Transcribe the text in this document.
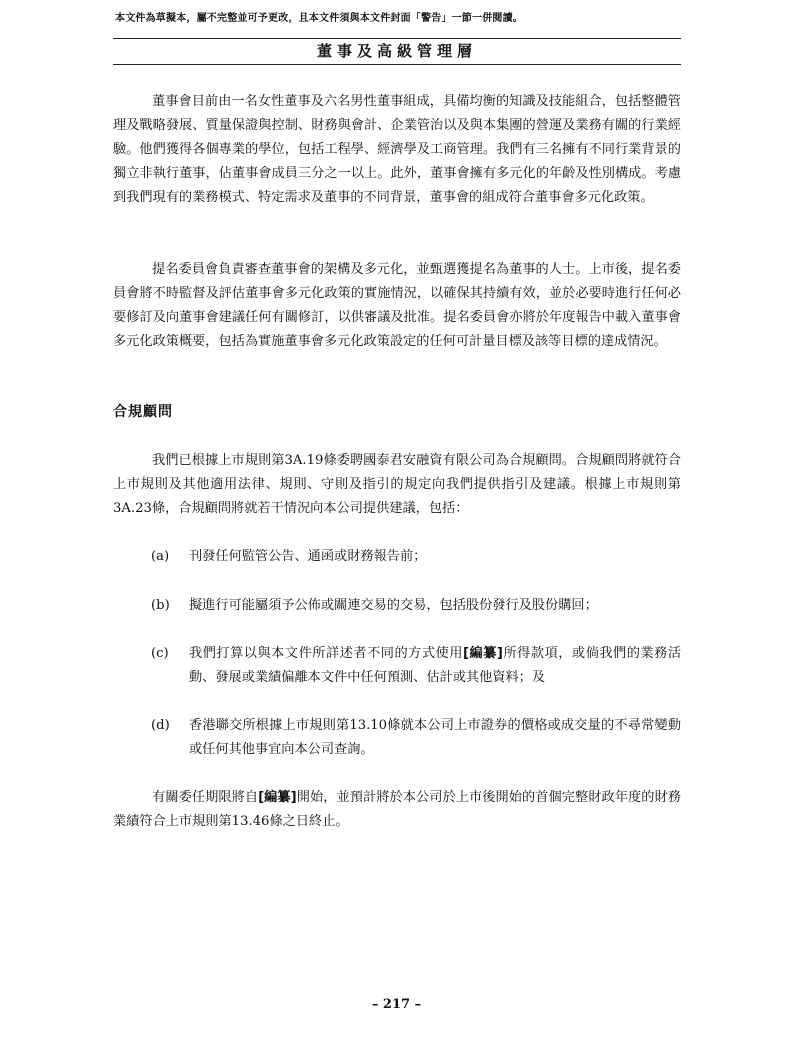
本文件為草擬本，屬不完整並可予更改，且本文件須與本文件封面「警告」一節一併閱讀。
董事及高級管理層
董事會目前由一名女性董事及六名男性董事組成，具備均衡的知識及技能組合，包括整體管理及戰略發展、質量保證與控制、財務與會計、企業管治以及與本集團的營運及業務有關的行業經驗。他們獲得各個專業的學位，包括工程學、經濟學及工商管理。我們有三名擁有不同行業背景的獨立非執行董事，佔董事會成員三分之一以上。此外，董事會擁有多元化的年齡及性別構成。考慮到我們現有的業務模式、特定需求及董事的不同背景，董事會的組成符合董事會多元化政策。
提名委員會負責審查董事會的架構及多元化，並甄選獲提名為董事的人士。上市後，提名委員會將不時監督及評估董事會多元化政策的實施情況，以確保其持續有效，並於必要時進行任何必要修訂及向董事會建議任何有關修訂，以供審議及批准。提名委員會亦將於年度報告中載入董事會多元化政策概要，包括為實施董事會多元化政策設定的任何可計量目標及該等目標的達成情況。
合規顧問
我們已根據上市規則第3A.19條委聘國泰君安融資有限公司為合規顧問。合規顧問將就符合上市規則及其他適用法律、規則、守則及指引的規定向我們提供指引及建議。根據上市規則第3A.23條，合規顧問將就若干情況向本公司提供建議，包括：
(a) 刊發任何監管公告、通函或財務報告前；
(b) 擬進行可能屬須予公佈或關連交易的交易，包括股份發行及股份購回；
(c) 我們打算以與本文件所詳述者不同的方式使用[編纂]所得款項，或倘我們的業務活動、發展或業績偏離本文件中任何預測、估計或其他資料；及
(d) 香港聯交所根據上市規則第13.10條就本公司上市證券的價格或成交量的不尋常變動或任何其他事宜向本公司查詢。
有關委任期限將自[編纂]開始，並預計將於本公司於上市後開始的首個完整財政年度的財務業績符合上市規則第13.46條之日終止。
– 217 –
